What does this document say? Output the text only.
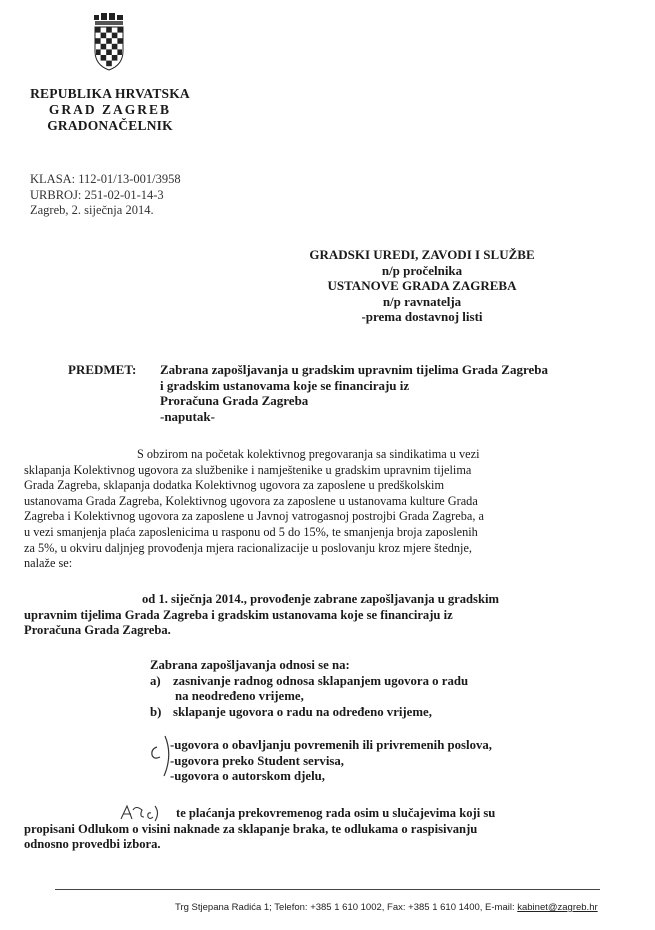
REPUBLIKA HRVATSKA
GRAD ZAGREB
GRADONAČELNIK
KLASA: 112-01/13-001/3958
URBROJ: 251-02-01-14-3
Zagreb, 2. siječnja 2014.
GRADSKI UREDI, ZAVODI I SLUŽBE
n/p pročelnika
USTANOVE GRADA ZAGREBA
n/p ravnatelja
-prema dostavnoj listi
PREDMET: Zabrana zapošljavanja u gradskim upravnim tijelima Grada Zagreba
i gradskim ustanovama koje se financiraju iz
Proračuna Grada Zagreba
-naputak-
S obzirom na početak kolektivnog pregovaranja sa sindikatima u vezi
sklapanja Kolektivnog ugovora za službenike i namještenike u gradskim upravnim tijelima
Grada Zagreba, sklapanja dodatka Kolektivnog ugovora za zaposlene u predškolskim
ustanovama Grada Zagreba, Kolektivnog ugovora za zaposlene u ustanovama kulture Grada
Zagreba i Kolektivnog ugovora za zaposlene u Javnoj vatrogasnoj postrojbi Grada Zagreba, a
u vezi smanjenja plaća zaposlenicima u rasponu od 5 do 15%, te smanjenja broja zaposlenih
za 5%, u okviru daljnjeg provođenja mjera racionalizacije u poslovanju kroz mjere štednje,
nalaže se:
od 1. siječnja 2014., provođenje zabrane zapošljavanja u gradskim
upravnim tijelima Grada Zagreba i gradskim ustanovama koje se financiraju iz
Proračuna Grada Zagreba.
Zabrana zapošljavanja odnosi se na:
a) zasnivanje radnog odnosa sklapanjem ugovora o radu
na neodređeno vrijeme,
b) sklapanje ugovora o radu na određeno vrijeme,
c
-ugovora o obavljanju povremenih ili privremenih poslova,
-ugovora preko Student servisa,
-ugovora o autorskom djelu,
Ac
te plaćanja prekovremenog rada osim u slučajevima koji su
propisani Odlukom o visini naknade za sklapanje braka, te odlukama o raspisivanju
odnosno provedbi izbora.
Trg Stjepana Radića 1; Telefon: +385 1 610 1002, Fax: +385 1 610 1400, E-mail: kabinet@zagreb.hr
